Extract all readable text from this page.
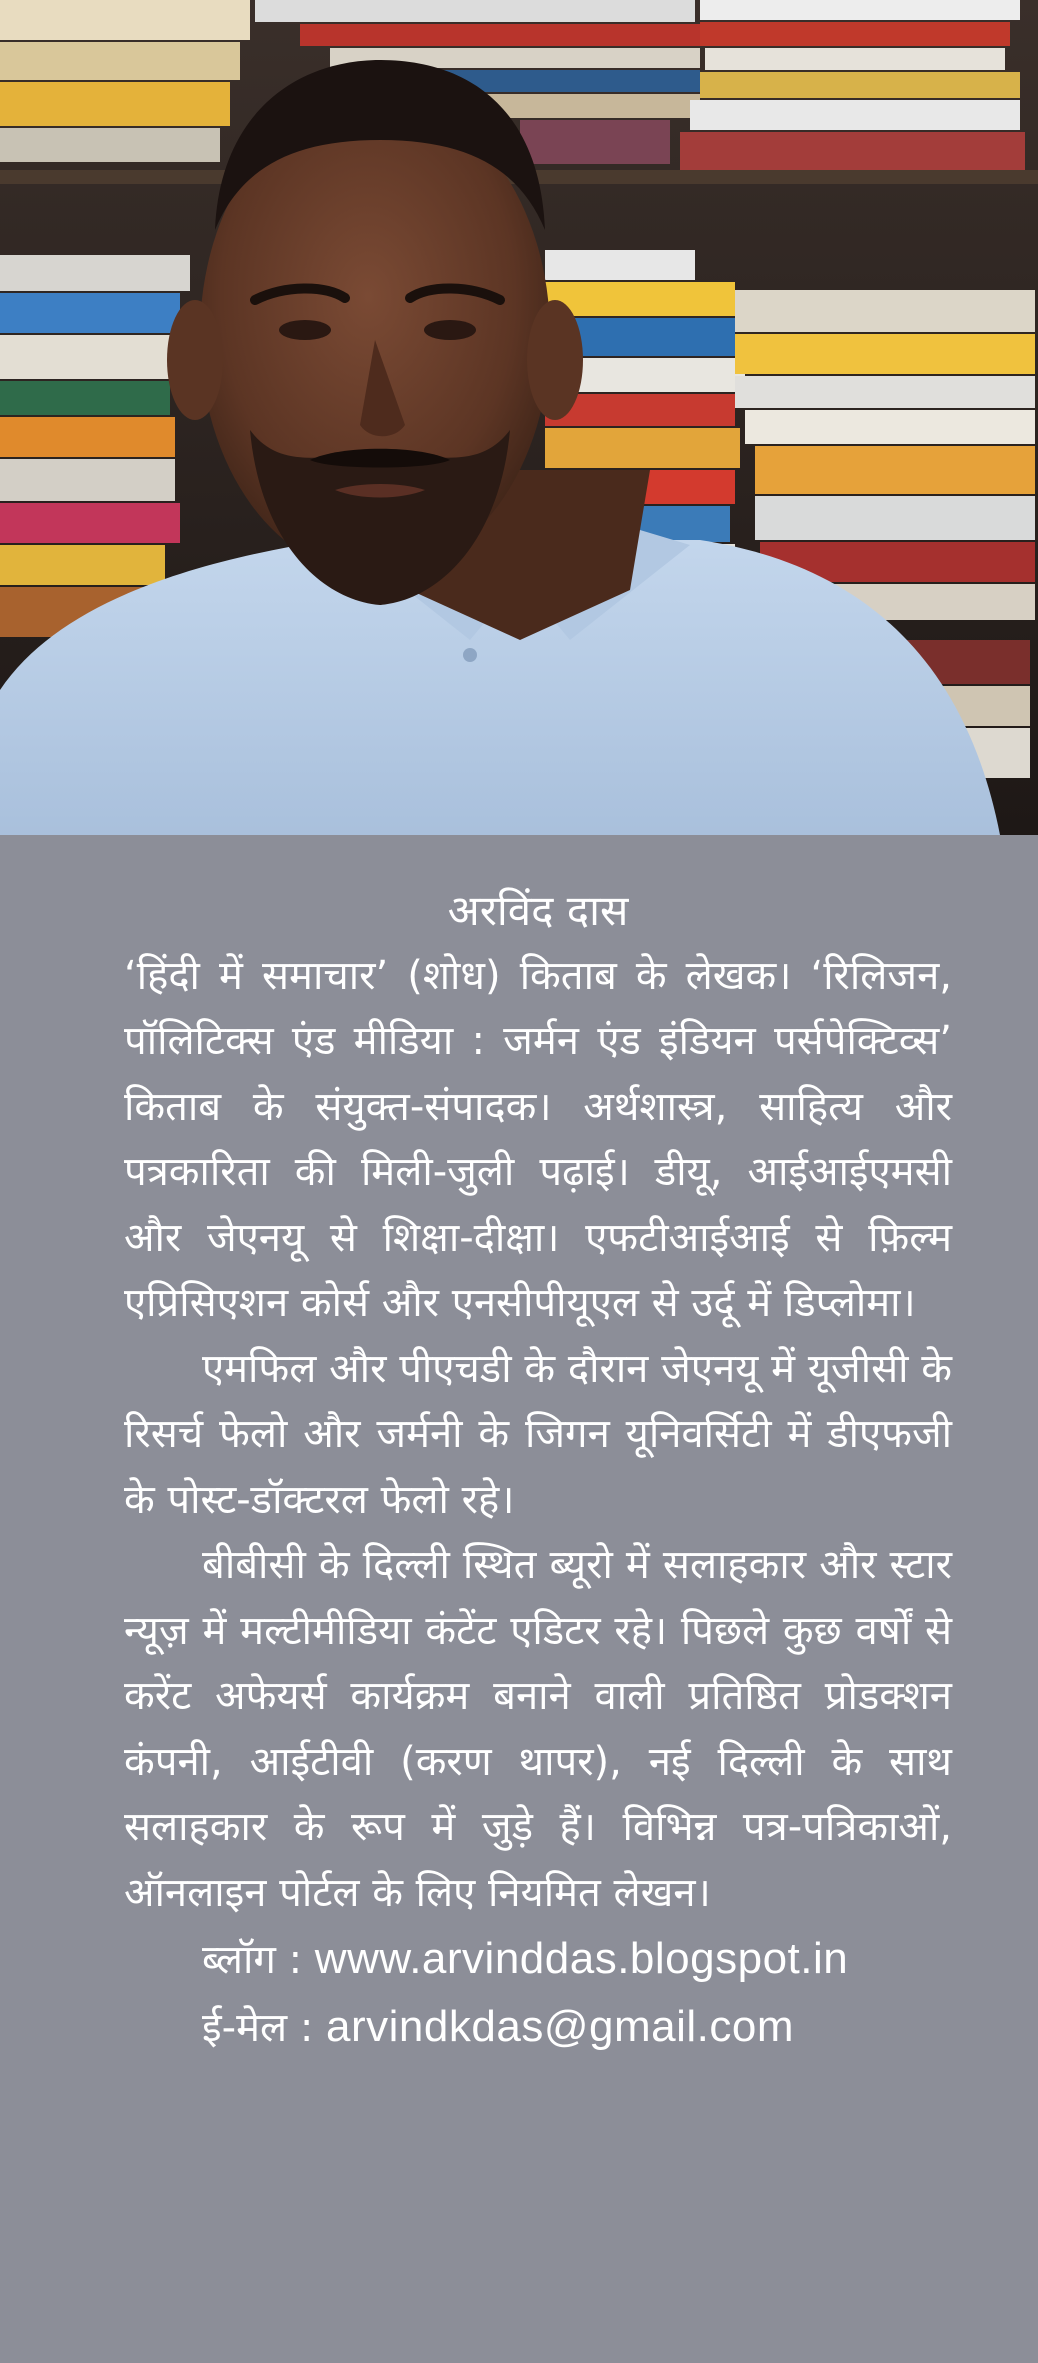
अरविंद दास

‘हिंदी में समाचार’ (शोध) किताब के लेखक। ‘रिलिजन, पॉलिटिक्स एंड मीडिया : जर्मन एंड इंडियन पर्सपेक्टिव्स’ किताब के संयुक्त-संपादक। अर्थशास्त्र, साहित्य और पत्रकारिता की मिली-जुली पढ़ाई। डीयू, आईआईएमसी और जेएनयू से शिक्षा-दीक्षा। एफटीआईआई से फ़िल्म एप्रिसिएशन कोर्स और एनसीपीयूएल से उर्दू में डिप्लोमा।

एमफिल और पीएचडी के दौरान जेएनयू में यूजीसी के रिसर्च फेलो और जर्मनी के जिगन यूनिवर्सिटी में डीएफजी के पोस्ट-डॉक्टरल फेलो रहे।

बीबीसी के दिल्ली स्थित ब्यूरो में सलाहकार और स्टार न्यूज़ में मल्टीमीडिया कंटेंट एडिटर रहे। पिछले कुछ वर्षों से करेंट अफेयर्स कार्यक्रम बनाने वाली प्रतिष्ठित प्रोडक्शन कंपनी, आईटीवी (करण थापर), नई दिल्ली के साथ सलाहकार के रूप में जुड़े हैं। विभिन्न पत्र-पत्रिकाओं, ऑनलाइन पोर्टल के लिए नियमित लेखन।

ब्लॉग : www.arvinddas.blogspot.in

ई-मेल : arvindkdas@gmail.com
